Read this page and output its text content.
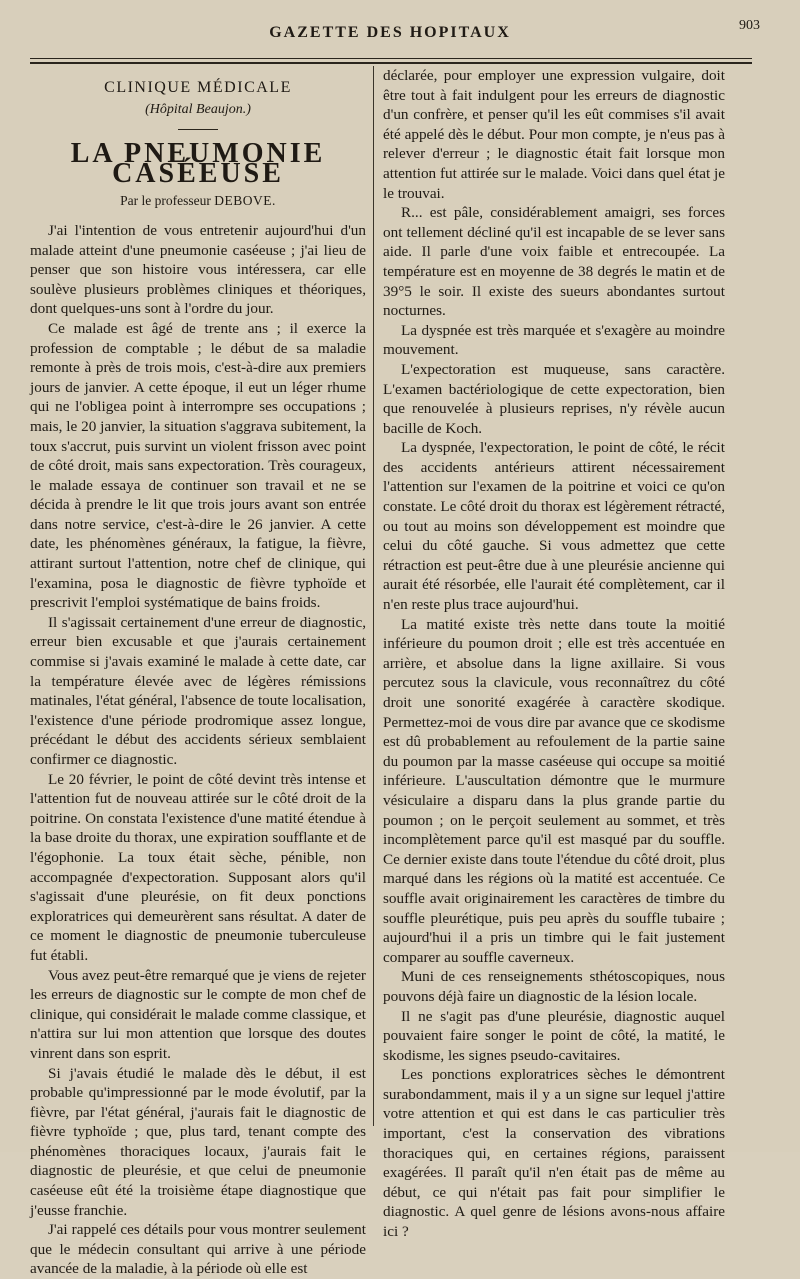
GAZETTE DES HOPITAUX	903
CLINIQUE MÉDICALE
(Hôpital Beaujon.)
LA PNEUMONIE CASÉEUSE
Par le professeur DEBOVE.

J'ai l'intention de vous entretenir aujourd'hui d'un malade atteint d'une pneumonie caséeuse ; j'ai lieu de penser que son histoire vous intéressera, car elle soulève plusieurs problèmes cliniques et théoriques, dont quelques-uns sont à l'ordre du jour.

Ce malade est âgé de trente ans ; il exerce la profession de comptable ; le début de sa maladie remonte à près de trois mois, c'est-à-dire aux premiers jours de janvier. A cette époque, il eut un léger rhume qui ne l'obligea point à interrompre ses occupations ; mais, le 20 janvier, la situation s'aggrava subitement, la toux s'accrut, puis survint un violent frisson avec point de côté droit, mais sans expectoration. Très courageux, le malade essaya de continuer son travail et ne se décida à prendre le lit que trois jours avant son entrée dans notre service, c'est-à-dire le 26 janvier. A cette date, les phénomènes généraux, la fatigue, la fièvre, attirant surtout l'attention, notre chef de clinique, qui l'examina, posa le diagnostic de fièvre typhoïde et prescrivit l'emploi systématique de bains froids.

Il s'agissait certainement d'une erreur de diagnostic, erreur bien excusable et que j'aurais certainement commise si j'avais examiné le malade à cette date, car la température élevée avec de légères rémissions matinales, l'état général, l'absence de toute localisation, l'existence d'une période prodromique assez longue, précédant le début des accidents sérieux semblaient confirmer ce diagnostic.

Le 20 février, le point de côté devint très intense et l'attention fut de nouveau attirée sur le côté droit de la poitrine. On constata l'existence d'une matité étendue à la base droite du thorax, une expiration soufflante et de l'égophonie. La toux était sèche, pénible, non accompagnée d'expectoration. Supposant alors qu'il s'agissait d'une pleurésie, on fit deux ponctions exploratrices qui demeurèrent sans résultat. A dater de ce moment le diagnostic de pneumonie tuberculeuse fut établi.

Vous avez peut-être remarqué que je viens de rejeter les erreurs de diagnostic sur le compte de mon chef de clinique, qui considérait le malade comme classique, et n'attira sur lui mon attention que lorsque des doutes vinrent dans son esprit.

Si j'avais étudié le malade dès le début, il est probable qu'impressionné par le mode évolutif, par la fièvre, par l'état général, j'aurais fait le diagnostic de fièvre typhoïde ; que, plus tard, tenant compte des phénomènes thoraciques locaux, j'aurais fait le diagnostic de pleurésie, et que celui de pneumonie caséeuse eût été la troisième étape diagnostique que j'eusse franchie.

J'ai rappelé ces détails pour vous montrer seulement que le médecin consultant qui arrive à une période avancée de la maladie, à la période où elle est

déclarée, pour employer une expression vulgaire, doit être tout à fait indulgent pour les erreurs de diagnostic d'un confrère, et penser qu'il les eût commises s'il avait été appelé dès le début. Pour mon compte, je n'eus pas à relever d'erreur ; le diagnostic était fait lorsque mon attention fut attirée sur le malade. Voici dans quel état je le trouvai.

R... est pâle, considérablement amaigri, ses forces ont tellement décliné qu'il est incapable de se lever sans aide. Il parle d'une voix faible et entrecoupée. La température est en moyenne de 38 degrés le matin et de 39°5 le soir. Il existe des sueurs abondantes surtout nocturnes.

La dyspnée est très marquée et s'exagère au moindre mouvement.

L'expectoration est muqueuse, sans caractère. L'examen bactériologique de cette expectoration, bien que renouvelée à plusieurs reprises, n'y révèle aucun bacille de Koch.

La dyspnée, l'expectoration, le point de côté, le récit des accidents antérieurs attirent nécessairement l'attention sur l'examen de la poitrine et voici ce qu'on constate. Le côté droit du thorax est légèrement rétracté, ou tout au moins son développement est moindre que celui du côté gauche. Si vous admettez que cette rétraction est peut-être due à une pleurésie ancienne qui aurait été résorbée, elle l'aurait été complètement, car il n'en reste plus trace aujourd'hui.

La matité existe très nette dans toute la moitié inférieure du poumon droit ; elle est très accentuée en arrière, et absolue dans la ligne axillaire. Si vous percutez sous la clavicule, vous reconnaîtrez du côté droit une sonorité exagérée à caractère skodique. Permettez-moi de vous dire par avance que ce skodisme est dû probablement au refoulement de la partie saine du poumon par la masse caséeuse qui occupe sa moitié inférieure. L'auscultation démontre que le murmure vésiculaire a disparu dans la plus grande partie du poumon ; on le perçoit seulement au sommet, et très incomplètement parce qu'il est masqué par du souffle. Ce dernier existe dans toute l'étendue du côté droit, plus marqué dans les régions où la matité est accentuée. Ce souffle avait originairement les caractères de timbre du souffle pleurétique, puis peu après du souffle tubaire ; aujourd'hui il a pris un timbre qui le fait justement comparer au souffle caverneux.

Muni de ces renseignements sthétoscopiques, nous pouvons déjà faire un diagnostic de la lésion locale.

Il ne s'agit pas d'une pleurésie, diagnostic auquel pouvaient faire songer le point de côté, la matité, le skodisme, les signes pseudo-cavitaires.

Les ponctions exploratrices sèches le démontrent surabondamment, mais il y a un signe sur lequel j'attire votre attention et qui est dans le cas particulier très important, c'est la conservation des vibrations thoraciques qui, en certaines régions, paraissent exagérées. Il paraît qu'il n'en était pas de même au début, ce qui n'était pas fait pour simplifier le diagnostic. A quel genre de lésions avons-nous affaire ici ?
